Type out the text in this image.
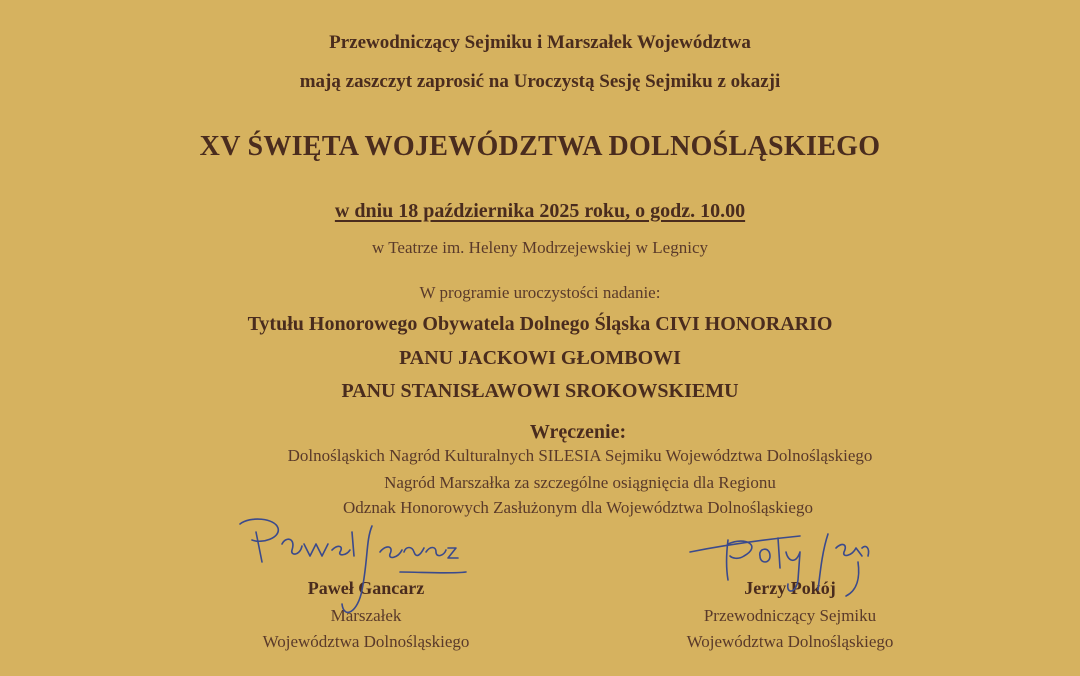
Przewodniczący Sejmiku i Marszałek Województwa
mają zaszczyt zaprosić na Uroczystą Sesję Sejmiku z okazji
XV ŚWIĘTA WOJEWÓDZTWA DOLNOŚLĄSKIEGO
w dniu 18 października 2025 roku, o godz. 10.00
w Teatrze im. Heleny Modrzejewskiej w Legnicy
W programie uroczystości nadanie:
Tytułu Honorowego Obywatela Dolnego Śląska CIVI HONORARIO
PANU JACKOWI GŁOMBOWI
PANU STANISŁAWOWI SROKOWSKIEMU
Wręczenie:
Dolnośląskich Nagród Kulturalnych SILESIA Sejmiku Województwa Dolnośląskiego
Nagród Marszałka za szczególne osiągnięcia dla Regionu
Odznak Honorowych Zasłużonym dla Województwa Dolnośląskiego
Paweł Gancarz
Marszałek
Województwa Dolnośląskiego
Jerzy Pokój
Przewodniczący Sejmiku
Województwa Dolnośląskiego
